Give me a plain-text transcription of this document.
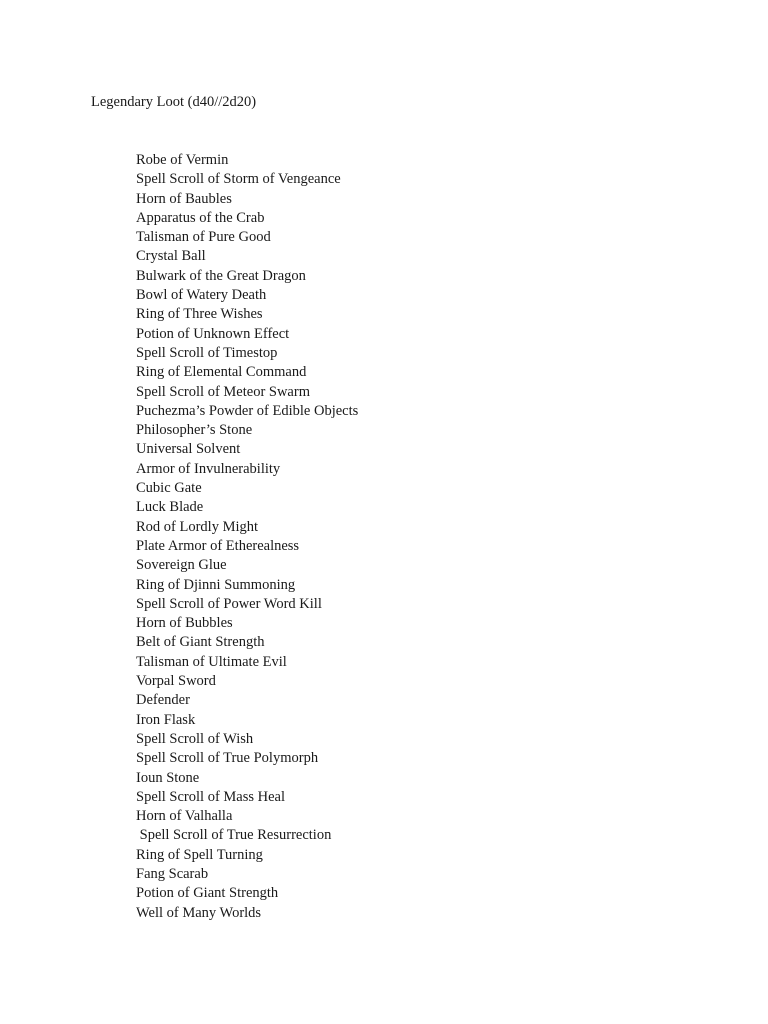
Legendary Loot (d40//2d20)
Robe of Vermin
Spell Scroll of Storm of Vengeance
Horn of Baubles
Apparatus of the Crab
Talisman of Pure Good
Crystal Ball
Bulwark of the Great Dragon
Bowl of Watery Death
Ring of Three Wishes
Potion of Unknown Effect
Spell Scroll of Timestop
Ring of Elemental Command
Spell Scroll of Meteor Swarm
Puchezma’s Powder of Edible Objects
Philosopher’s Stone
Universal Solvent
Armor of Invulnerability
Cubic Gate
Luck Blade
Rod of Lordly Might
Plate Armor of Etherealness
Sovereign Glue
Ring of Djinni Summoning
Spell Scroll of Power Word Kill
Horn of Bubbles
Belt of Giant Strength
Talisman of Ultimate Evil
Vorpal Sword
Defender
Iron Flask
Spell Scroll of Wish
Spell Scroll of True Polymorph
Ioun Stone
Spell Scroll of Mass Heal
Horn of Valhalla
Spell Scroll of True Resurrection
Ring of Spell Turning
Fang Scarab
Potion of Giant Strength
Well of Many Worlds
